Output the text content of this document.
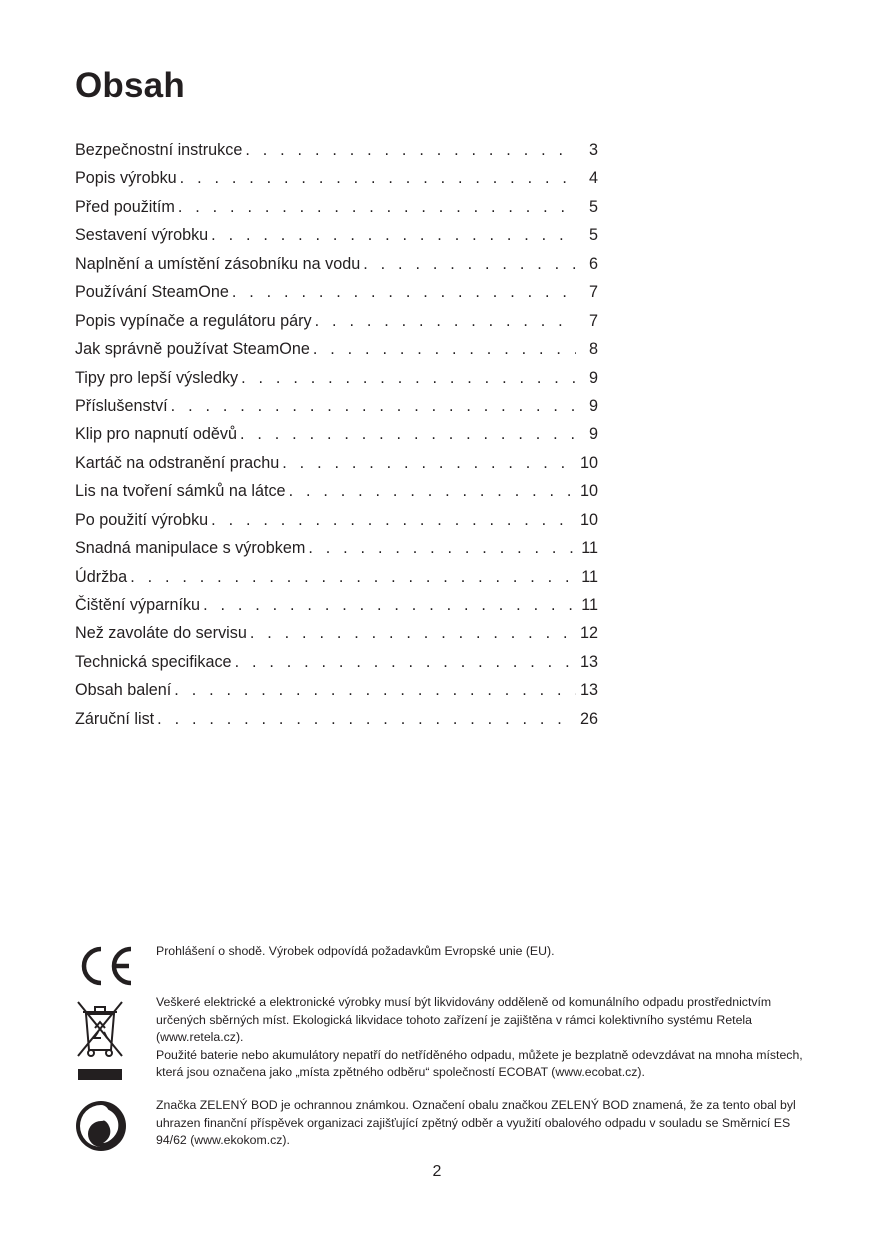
Obsah
Bezpečnostní instrukce . . .	3
Popis výrobku . . .	4
Před použitím . . .	5
Sestavení výrobku . . .	5
Naplnění a umístění zásobníku na vodu . . .	6
Používání SteamOne . . .	7
Popis vypínače a regulátoru páry . . .	7
Jak správně používat SteamOne . . .	8
Tipy pro lepší výsledky . . .	9
Příslušenství . . .	9
Klip pro napnutí oděvů . . .	9
Kartáč na odstranění prachu . . .	10
Lis na tvoření sámků na látce . . .	10
Po použití výrobku . . .	10
Snadná manipulace s výrobkem . . .	11
Údržba . . .	11
Čištění výparníku . . .	11
Než zavoláte do servisu . . .	12
Technická specifikace . . .	13
Obsah balení . . .	13
Záruční list . . .	26

Prohlášení o shodě. Výrobek odpovídá požadavkům Evropské unie (EU).

Veškeré elektrické a elektronické výrobky musí být likvidovány odděleně od komunálního odpadu prostřednictvím určených sběrných míst. Ekologická likvidace tohoto zařízení je zajištěna v rámci kolektivního systému Retela (www.retela.cz).

Použité baterie nebo akumulátory nepatří do netříděného odpadu, můžete je bezplatně odevzdávat na mnoha místech, která jsou označena jako „místa zpětného odběru“ společností ECOBAT (www.ecobat.cz).

Značka ZELENÝ BOD je ochrannou známkou. Označení obalu značkou ZELENÝ BOD znamená, že za tento obal byl uhrazen finanční příspěvek organizaci zajišťující zpětný odběr a využití obalového odpadu v souladu se Směrnicí ES 94/62 (www.ekokom.cz).

2
